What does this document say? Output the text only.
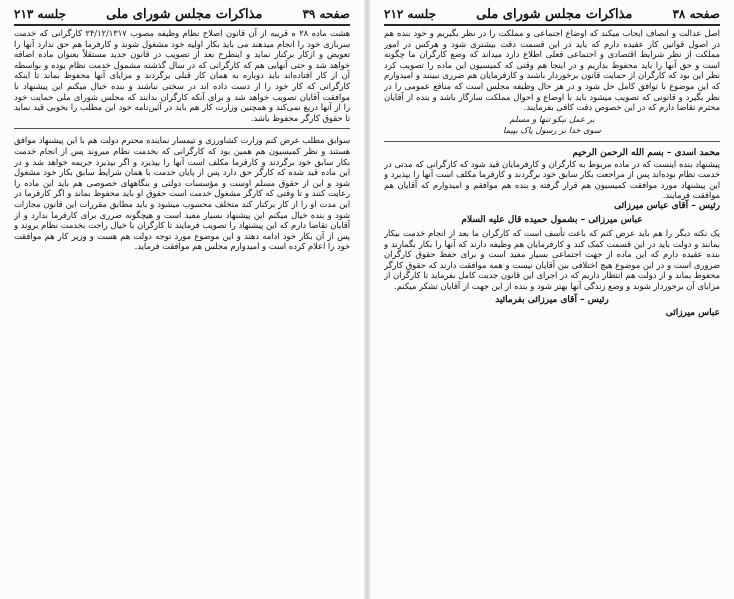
صفحه ۳۹
مذاکرات مجلس شورای ملی
جلسه ۲۱۳

هشت ماده ۲۸ ه قریبه از آن قانون اصلاح نظام وظیفه مصوب ۲۴/۱۲/۱۳۱۷ کارگرانی که خدمت سربازی خود را انجام میدهند می باید بکار اولیه خود مشغول شوند و کارفرما هم حق ندارد آنها را تعویض و ازکار برکنار نماید و اینطرح بعد از تصویب در قانون جدید مستقلاً بعنوان ماده اضافه خواهد شد و حتی آنهایی هم که کارگرانی که در سال گذشته مشمول خدمت نظام بوده و بواسطه آن از کار افتاده‌اند باید دوباره به همان کار قبلی برگردند و مزایای آنها محفوظ بماند تا اینکه کارگرانی که کار خود را از دست داده اند در سختی نباشند و بنده خیال میکنم این پیشنهاد با موافقت آقایان تصویب خواهد شد و برای آنکه کارگران بدانند که مجلس شورای ملی حمایت خود را از آنها دریغ نمی‌کند و همچنین وزارت کار هم باید در آئین‌نامه خود این مطلب را بخوبی قید نماید تا حقوق کارگر محفوظ باشد.

سوابق مطلب عرض کنم وزارت کشاورزی و تیمسار نماینده محترم دولت هم با این پیشنهاد موافق هستند و نظر کمیسیون هم همین بود که کارگرانی که بخدمت نظام میروند پس از انجام خدمت بکار سابق خود برگردند و کارفرما مکلف است آنها را بپذیرد و اگر بپذیرد جریمه خواهد شد و در این ماده قید شده که کارگر حق دارد پس از پایان خدمت با همان شرایط سابق بکار خود مشغول شود و این از حقوق مسلم اوست و مؤسسات دولتی و بنگاههای خصوصی هم باید این ماده را رعایت کنند و تا وقتی که کارگر مشغول خدمت است حقوق او باید محفوظ بماند و اگر کارفرما در این مدت او را از کار برکنار کند متخلف محسوب میشود و باید مطابق مقررات این قانون مجازات شود و بنده خیال میکنم این پیشنهاد بسیار مفید است و هیچگونه ضرری برای کارفرما ندارد و از آقایان تقاضا دارم که این پیشنهاد را تصویب فرمایند تا کارگران با خیال راحت بخدمت نظام بروند و پس از آن بکار خود ادامه دهند و این موضوع مورد توجه دولت هم هست و وزیر کار هم موافقت خود را اعلام کرده است و امیدوارم مجلس هم موافقت فرماید.

صفحه ۳۸
مذاکرات مجلس شورای ملی
جلسه ۲۱۲

اصل عدالت و انصاف ایجاب میکند که اوضاع اجتماعی و مملکت را در نظر بگیریم و خود بنده هم در اصول قوانین کار عقیده دارم که باید در این قسمت دقت بیشتری شود و هرکس در امور مملکت از نظر شرایط اقتصادی و اجتماعی فعلی اطلاع دارد میداند که وضع کارگران ما چگونه است و حق آنها را باید محفوظ بداریم و در اینجا هم وقتی که کمیسیون این ماده را تصویب کرد نظر این بود که کارگران از حمایت قانون برخوردار باشند و کارفرمایان هم ضرری نبینند و امیدوارم که این موضوع با توافق کامل حل شود و در هر حال وظیفه مجلس است که منافع عمومی را در نظر بگیرد و قانونی که تصویب میشود باید با اوضاع و احوال مملکت سازگار باشد و بنده از آقایان محترم تقاضا دارم که در این خصوص دقت کافی بفرمایند.

بر عمل نیکو تنها و مسلم
سوی خدا بر رسول پاک بپیما
محمد اسدی – بسم الله الرحمن الرحیم

پیشنهاد بنده اینست که در ماده مربوط به کارگران و کارفرمایان قید شود که کارگرانی که مدتی در خدمت نظام بوده‌اند پس از مراجعت بکار سابق خود برگردند و کارفرما مکلف است آنها را بپذیرد و این پیشنهاد مورد موافقت کمیسیون هم قرار گرفته و بنده هم موافقم و امیدوارم که آقایان هم موافقت فرمایند.

رئیس – آقای عباس میرزائی
عباس میرزائی – بشمول حمیده قال علیه السلام

یک نکته دیگر را هم باید عرض کنم که باعث تأسف است که کارگران ما بعد از انجام خدمت بیکار بمانند و دولت باید در این قسمت کمک کند و کارفرمایان هم وظیفه دارند که آنها را بکار بگمارند و بنده عقیده دارم که این ماده از جهت اجتماعی بسیار مفید است و برای حفظ حقوق کارگران ضروری است و در این موضوع هیچ اختلافی بین آقایان نیست و همه موافقت دارند که حقوق کارگر محفوظ بماند و از دولت هم انتظار داریم که در اجرای این قانون جدیت کامل بفرماید تا کارگران از مزایای آن برخوردار شوند و وضع زندگی آنها بهتر شود و بنده از این جهت از آقایان تشکر میکنم.

رئیس – آقای میرزائی بفرمائید
عباس میرزائی
